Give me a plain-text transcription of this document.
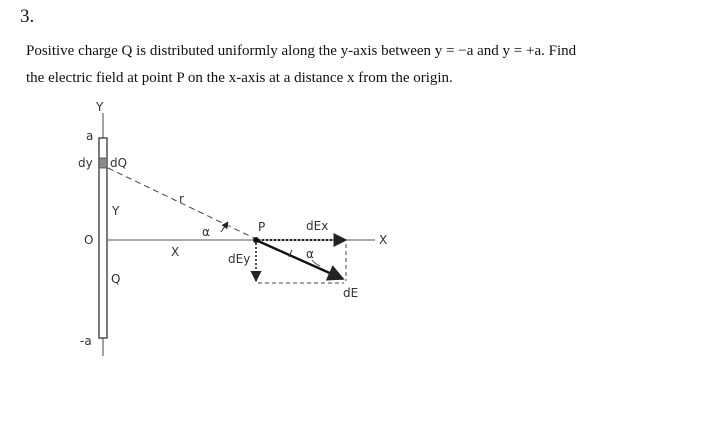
3.
Positive charge Q is distributed uniformly along the y-axis between y = −a and y = +a. Find
the electric field at point P on the x-axis at a distance x from the origin.
Y
a
dy dQ
Y
O
Q
-a
X
r
α	P	dEx
dEy	α
dE
X
